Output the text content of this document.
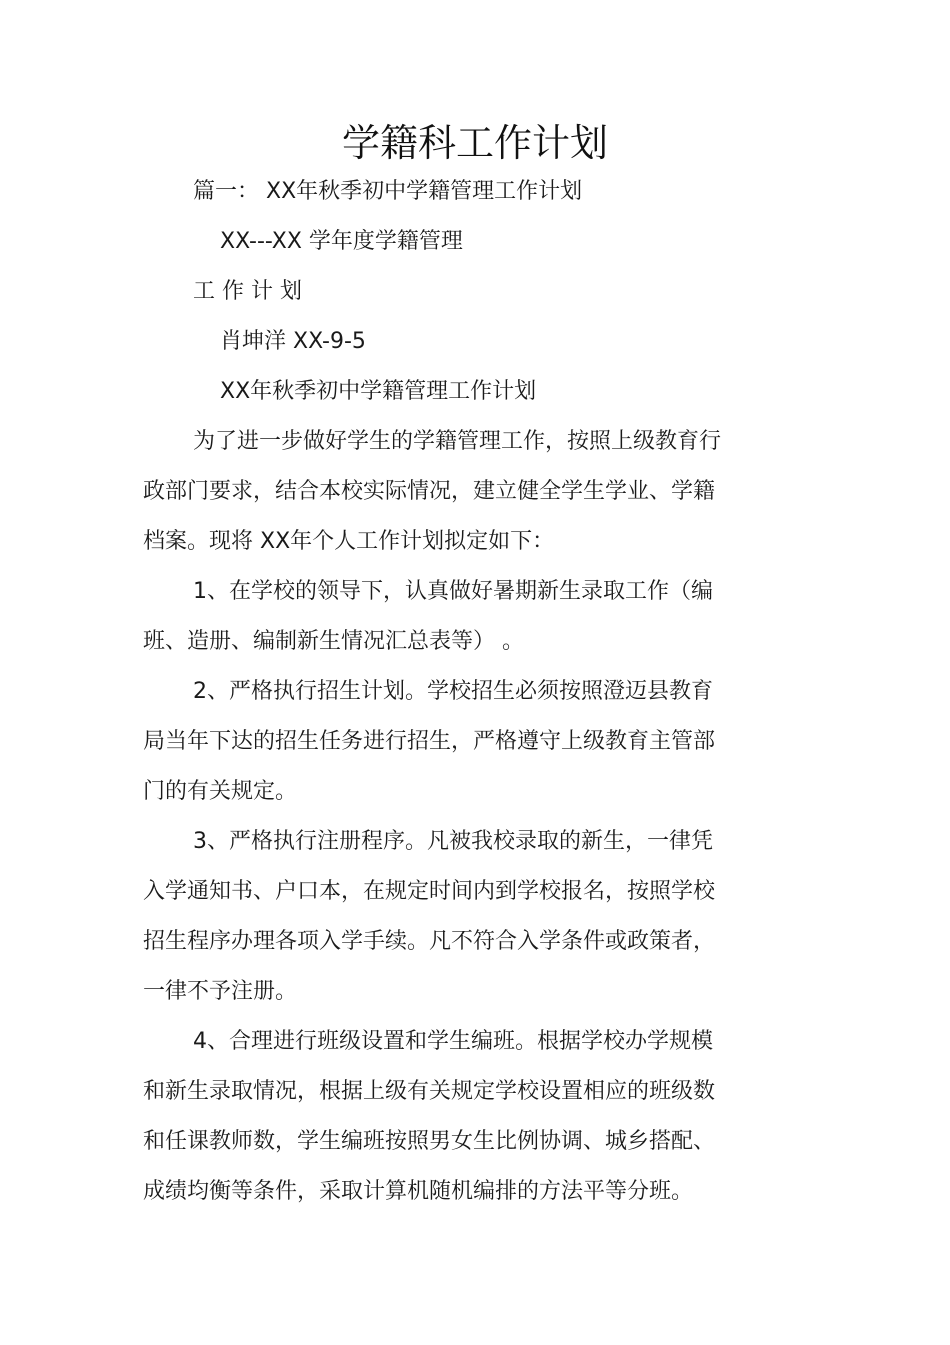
学籍科工作计划
篇一： XX年秋季初中学籍管理工作计划
XX---XX 学年度学籍管理
工 作 计 划
肖坤洋 XX-9-5
XX年秋季初中学籍管理工作计划
为了进一步做好学生的学籍管理工作，按照上级教育行
政部门要求，结合本校实际情况，建立健全学生学业、学籍
档案。现将 XX年个人工作计划拟定如下：
1、在学校的领导下，认真做好暑期新生录取工作（编
班、造册、编制新生情况汇总表等） 。
2、严格执行招生计划。学校招生必须按照澄迈县教育
局当年下达的招生任务进行招生，严格遵守上级教育主管部
门的有关规定。
3、严格执行注册程序。凡被我校录取的新生，一律凭
入学通知书、户口本，在规定时间内到学校报名，按照学校
招生程序办理各项入学手续。凡不符合入学条件或政策者，
一律不予注册。
4、合理进行班级设置和学生编班。根据学校办学规模
和新生录取情况，根据上级有关规定学校设置相应的班级数
和任课教师数，学生编班按照男女生比例协调、城乡搭配、
成绩均衡等条件，采取计算机随机编排的方法平等分班。
